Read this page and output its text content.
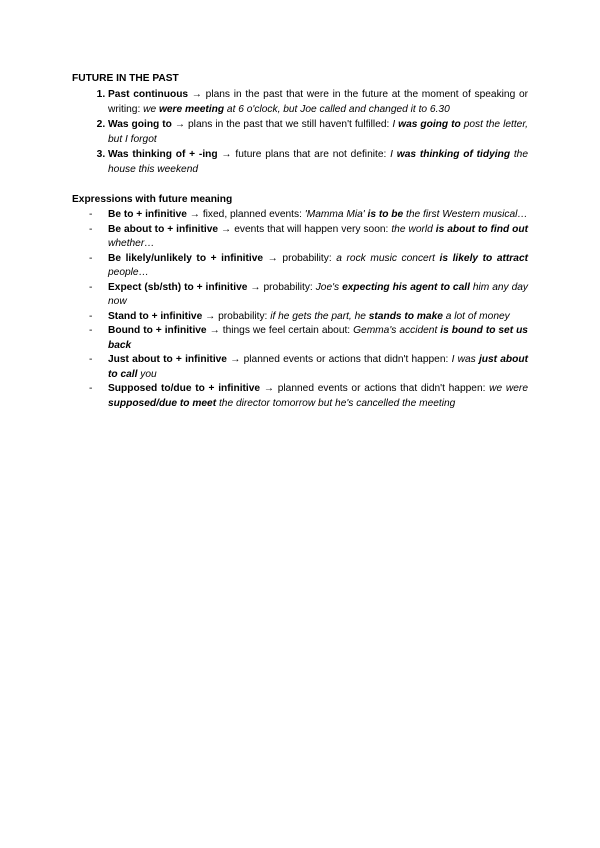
FUTURE IN THE PAST
1. Past continuous → plans in the past that were in the future at the moment of speaking or writing: we were meeting at 6 o'clock, but Joe called and changed it to 6.30
2. Was going to → plans in the past that we still haven't fulfilled: I was going to post the letter, but I forgot
3. Was thinking of + -ing → future plans that are not definite: I was thinking of tidying the house this weekend
Expressions with future meaning
- Be to + infinitive → fixed, planned events: 'Mamma Mia' is to be the first Western musical…
- Be about to + infinitive → events that will happen very soon: the world is about to find out whether…
- Be likely/unlikely to + infinitive → probability: a rock music concert is likely to attract people…
- Expect (sb/sth) to + infinitive → probability: Joe's expecting his agent to call him any day now
- Stand to + infinitive → probability: if he gets the part, he stands to make a lot of money
- Bound to + infinitive → things we feel certain about: Gemma's accident is bound to set us back
- Just about to + infinitive → planned events or actions that didn't happen: I was just about to call you
- Supposed to/due to + infinitive → planned events or actions that didn't happen: we were supposed/due to meet the director tomorrow but he's cancelled the meeting
